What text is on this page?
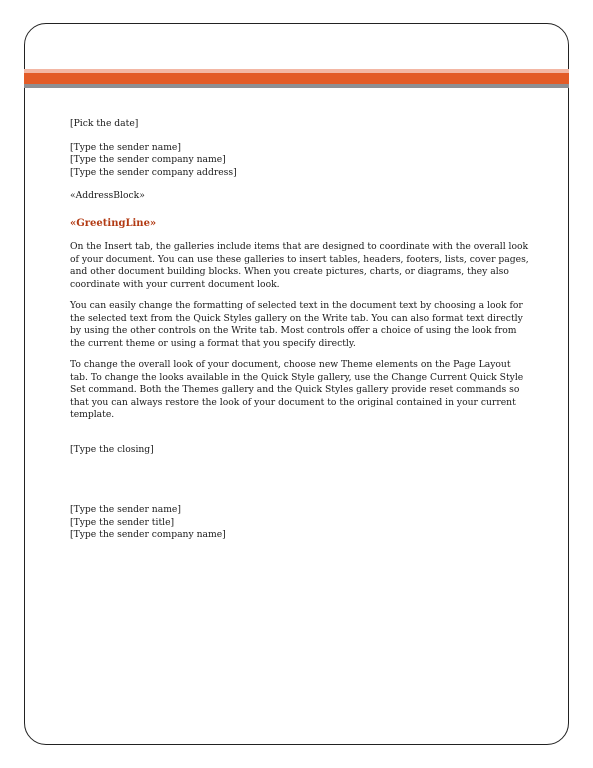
[Pick the date]
[Type the sender name]
[Type the sender company name]
[Type the sender company address]
«AddressBlock»
«GreetingLine»

On the Insert tab, the galleries include items that are designed to coordinate with the overall look of your document. You can use these galleries to insert tables, headers, footers, lists, cover pages, and other document building blocks. When you create pictures, charts, or diagrams, they also coordinate with your current document look.

You can easily change the formatting of selected text in the document text by choosing a look for the selected text from the Quick Styles gallery on the Write tab. You can also format text directly by using the other controls on the Write tab. Most controls offer a choice of using the look from the current theme or using a format that you specify directly.

To change the overall look of your document, choose new Theme elements on the Page Layout tab. To change the looks available in the Quick Style gallery, use the Change Current Quick Style Set command. Both the Themes gallery and the Quick Styles gallery provide reset commands so that you can always restore the look of your document to the original contained in your current template.

[Type the closing]
[Type the sender name]
[Type the sender title]
[Type the sender company name]
